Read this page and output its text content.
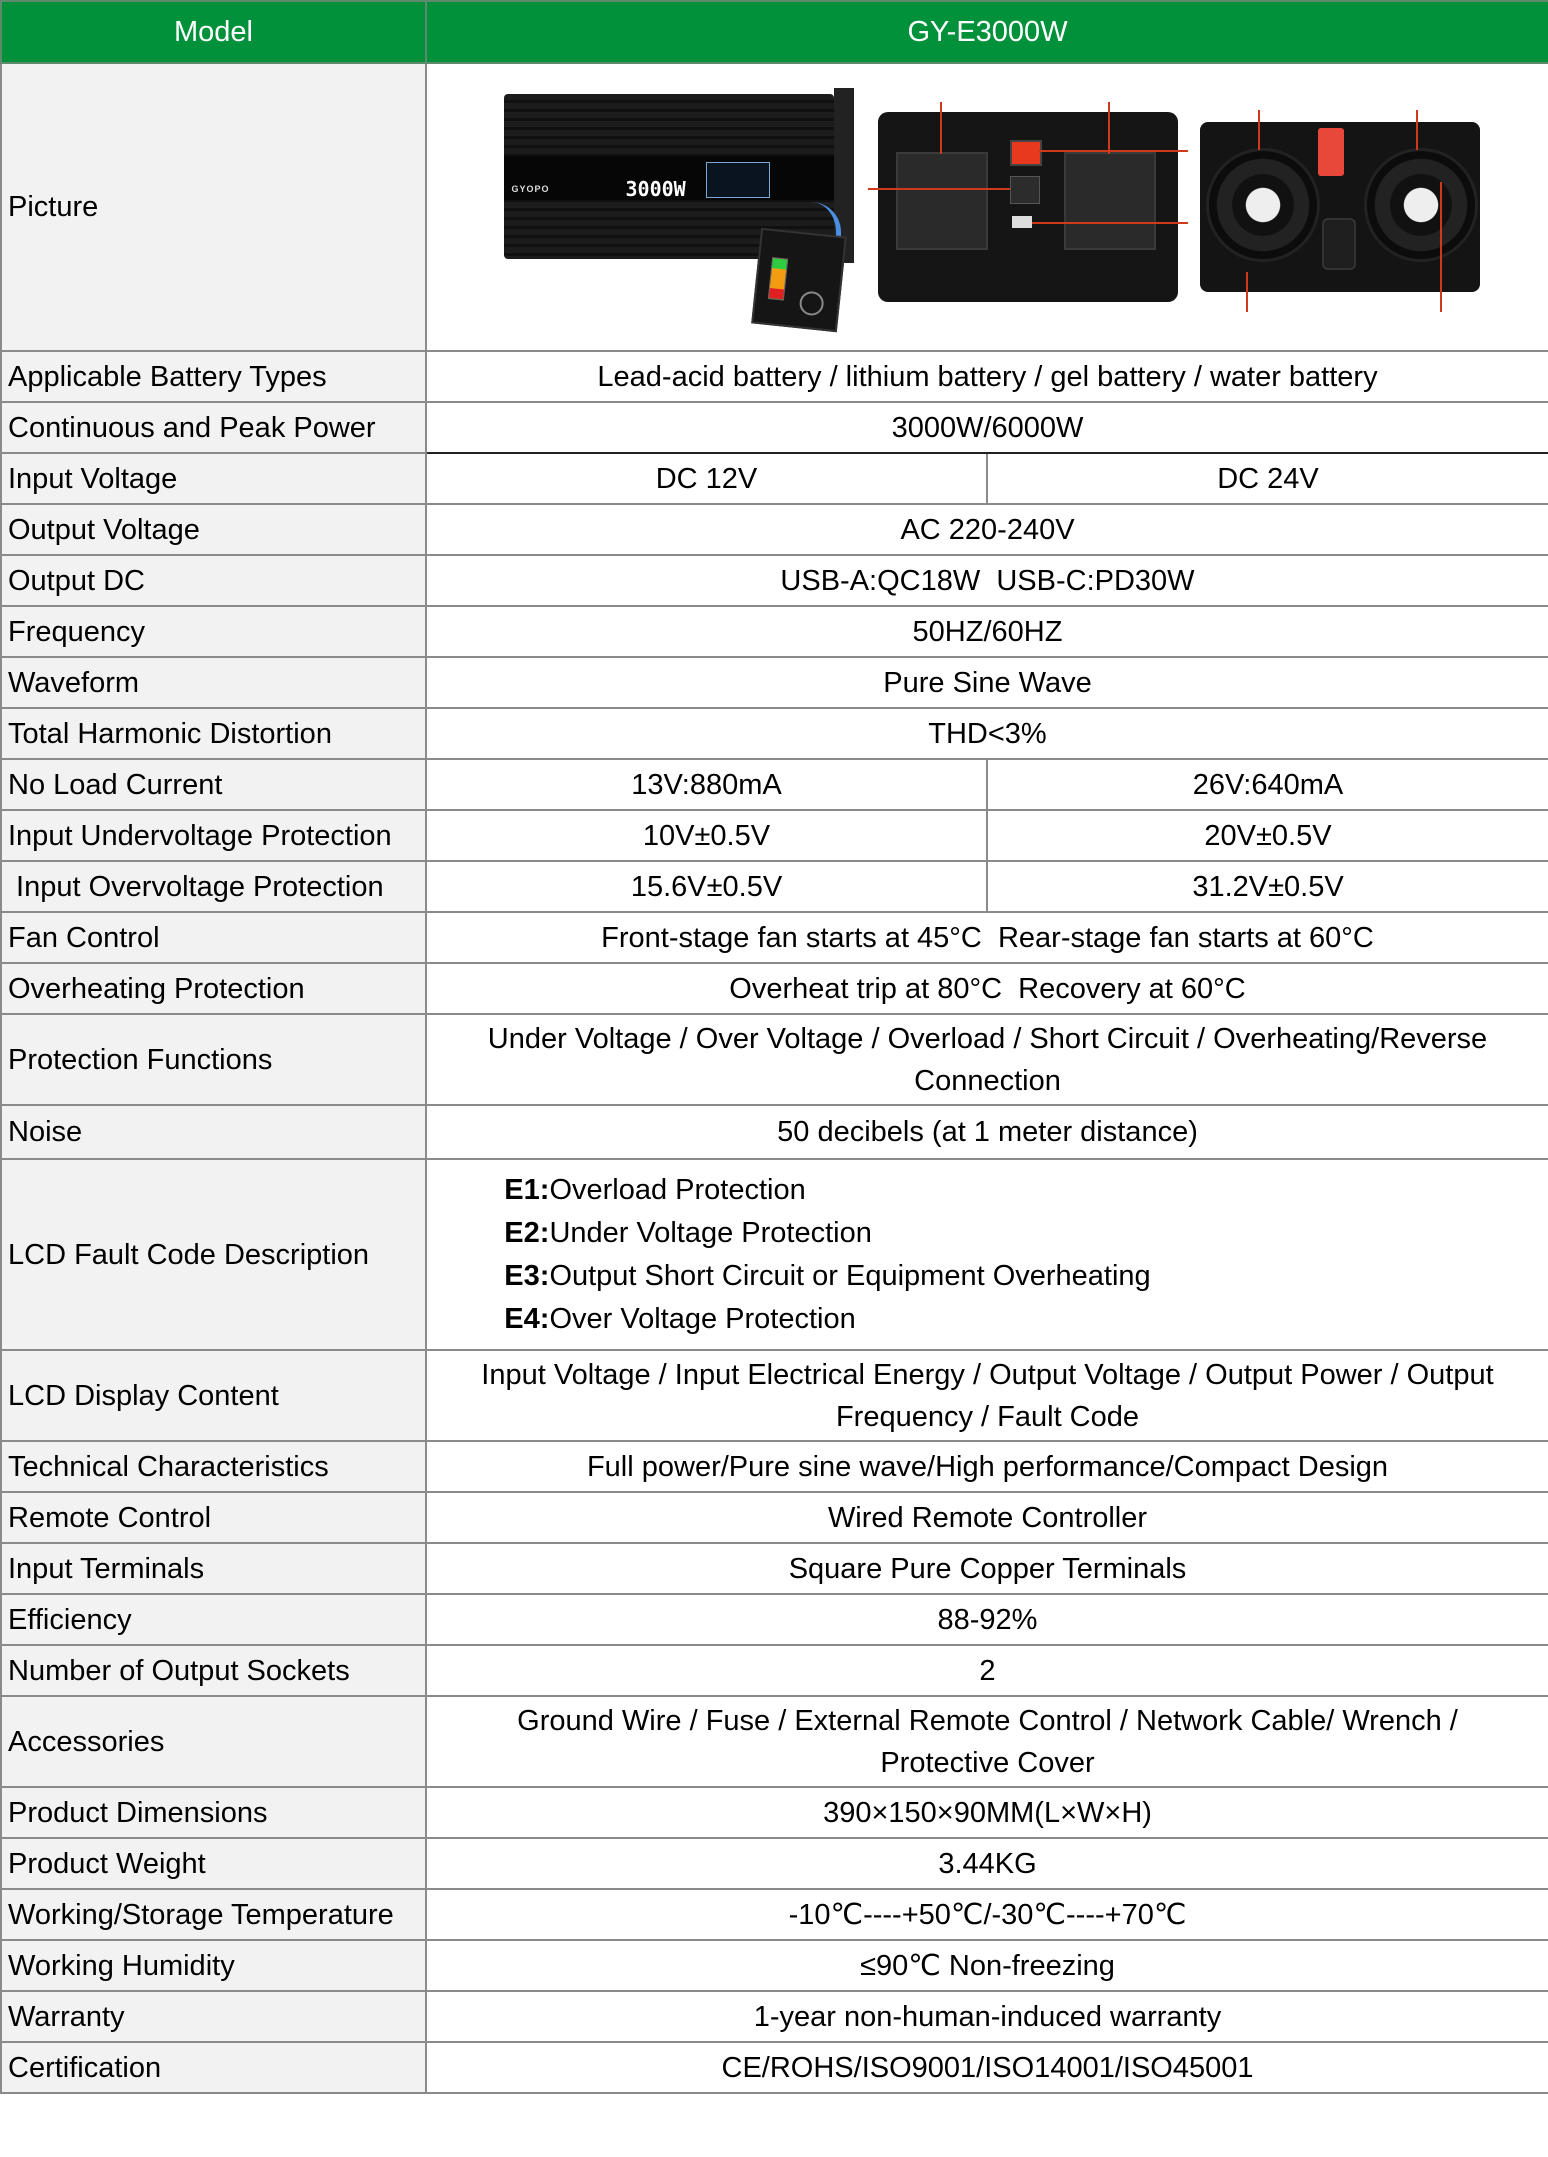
Model	GY-E3000W	
Picture	GYOPO 3000W	

Applicable Battery Types	Lead-acid battery / lithium battery / gel battery / water battery	
Continuous and Peak Power	3000W/6000W	
Input Voltage	DC 12V	DC 24V
Output Voltage	AC 220-240V	
Output DC	USB-A:QC18W  USB-C:PD30W	
Frequency	50HZ/60HZ	
Waveform	Pure Sine Wave	
Total Harmonic Distortion	THD<3%	
No Load Current	13V:880mA	26V:640mA
Input Undervoltage Protection	10V±0.5V	20V±0.5V
Input Overvoltage Protection	15.6V±0.5V	31.2V±0.5V
Fan Control	Front-stage fan starts at 45°C  Rear-stage fan starts at 60°C	
Overheating Protection	Overheat trip at 80°C  Recovery at 60°C	
Protection Functions	Under Voltage / Over Voltage / Overload / Short Circuit / Overheating/Reverse Connection	
Noise	50 decibels (at 1 meter distance)	
LCD Fault Code Description	E1:Overload Protection
E2:Under Voltage Protection
E3:Output Short Circuit or Equipment Overheating
E4:Over Voltage Protection	

LCD Display Content	Input Voltage / Input Electrical Energy / Output Voltage / Output Power / Output Frequency / Fault Code	
Technical Characteristics	Full power/Pure sine wave/High performance/Compact Design	
Remote Control	Wired Remote Controller	
Input Terminals	Square Pure Copper Terminals	
Efficiency	88-92%	
Number of Output Sockets	2	
Accessories	Ground Wire / Fuse / External Remote Control / Network Cable/ Wrench / Protective Cover	
Product Dimensions	390×150×90MM(L×W×H)	
Product Weight	3.44KG	
Working/Storage Temperature	-10℃----+50℃/-30℃----+70℃	
Working Humidity	≤90℃ Non-freezing	
Warranty	1-year non-human-induced warranty	
Certification	CE/ROHS/ISO9001/ISO14001/ISO45001	
